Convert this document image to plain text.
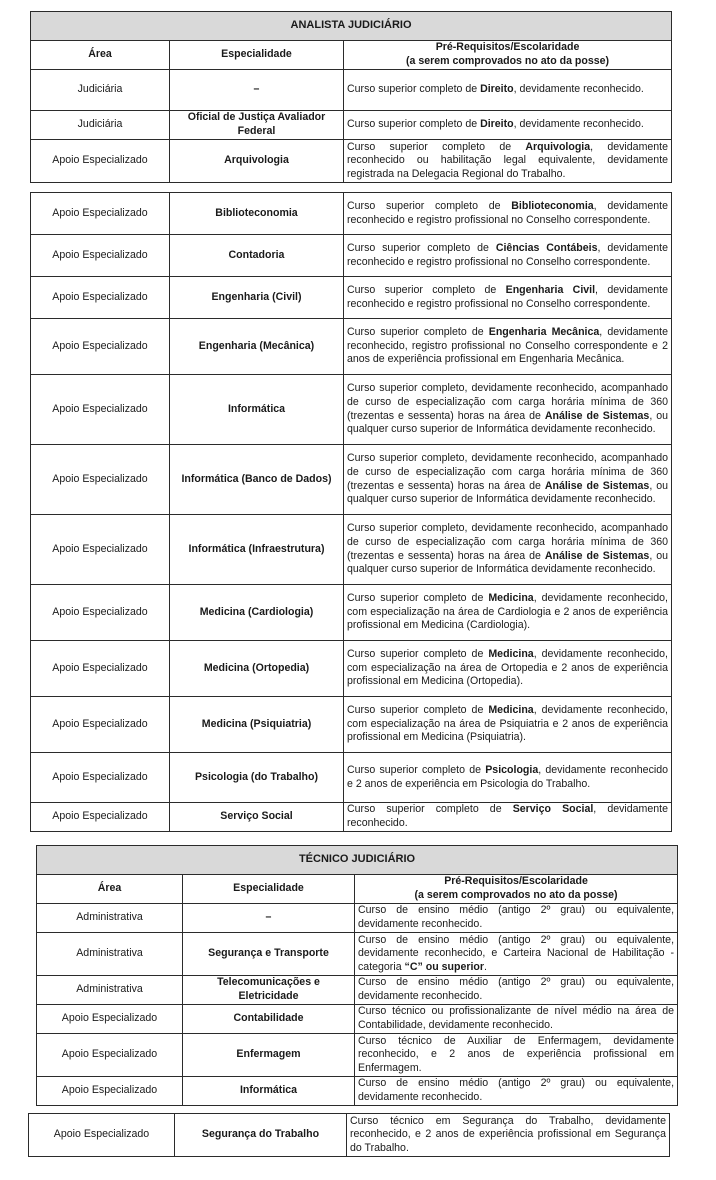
ANALISTA JUDICIÁRIO		
Área	Especialidade	Pré-Requisitos/Escolaridade
(a serem comprovados no ato da posse)
Judiciária	–	Curso superior completo de Direito, devidamente reconhecido.
Judiciária	Oficial de Justiça Avaliador Federal	Curso superior completo de Direito, devidamente reconhecido.
Apoio Especializado	Arquivologia	Curso superior completo de Arquivologia, devidamente reconhecido ou habilitação legal equivalente, devidamente registrada na Delegacia Regional do Trabalho.
Apoio Especializado	Biblioteconomia	Curso superior completo de Biblioteconomia, devidamente reconhecido e registro profissional no Conselho correspondente.
Apoio Especializado	Contadoria	Curso superior completo de Ciências Contábeis, devidamente reconhecido e registro profissional no Conselho correspondente.
Apoio Especializado	Engenharia (Civil)	Curso superior completo de Engenharia Civil, devidamente reconhecido e registro profissional no Conselho correspondente.
Apoio Especializado	Engenharia (Mecânica)	Curso superior completo de Engenharia Mecânica, devidamente reconhecido, registro profissional no Conselho correspondente e 2 anos de experiência profissional em Engenharia Mecânica.
Apoio Especializado	Informática	Curso superior completo, devidamente reconhecido, acompanhado de curso de especialização com carga horária mínima de 360 (trezentas e sessenta) horas na área de Análise de Sistemas, ou qualquer curso superior de Informática devidamente reconhecido.
Apoio Especializado	Informática (Banco de Dados)	Curso superior completo, devidamente reconhecido, acompanhado de curso de especialização com carga horária mínima de 360 (trezentas e sessenta) horas na área de Análise de Sistemas, ou qualquer curso superior de Informática devidamente reconhecido.
Apoio Especializado	Informática (Infraestrutura)	Curso superior completo, devidamente reconhecido, acompanhado de curso de especialização com carga horária mínima de 360 (trezentas e sessenta) horas na área de Análise de Sistemas, ou qualquer curso superior de Informática devidamente reconhecido.
Apoio Especializado	Medicina (Cardiologia)	Curso superior completo de Medicina, devidamente reconhecido, com especialização na área de Cardiologia e 2 anos de experiência profissional em Medicina (Cardiologia).
Apoio Especializado	Medicina (Ortopedia)	Curso superior completo de Medicina, devidamente reconhecido, com especialização na área de Ortopedia e 2 anos de experiência profissional em Medicina (Ortopedia).
Apoio Especializado	Medicina (Psiquiatria)	Curso superior completo de Medicina, devidamente reconhecido, com especialização na área de Psiquiatria e 2 anos de experiência profissional em Medicina (Psiquiatria).
Apoio Especializado	Psicologia (do Trabalho)	Curso superior completo de Psicologia, devidamente reconhecido e 2 anos de experiência em Psicologia do Trabalho.
Apoio Especializado	Serviço Social	Curso superior completo de Serviço Social, devidamente reconhecido.
TÉCNICO JUDICIÁRIO		
Área	Especialidade	Pré-Requisitos/Escolaridade
(a serem comprovados no ato da posse)
Administrativa	–	Curso de ensino médio (antigo 2º grau) ou equivalente, devidamente reconhecido.
Administrativa	Segurança e Transporte	Curso de ensino médio (antigo 2º grau) ou equivalente, devidamente reconhecido, e Carteira Nacional de Habilitação - categoria “C” ou superior.
Administrativa	Telecomunicações e Eletricidade	Curso de ensino médio (antigo 2º grau) ou equivalente, devidamente reconhecido.
Apoio Especializado	Contabilidade	Curso técnico ou profissionalizante de nível médio na área de Contabilidade, devidamente reconhecido.
Apoio Especializado	Enfermagem	Curso técnico de Auxiliar de Enfermagem, devidamente reconhecido, e 2 anos de experiência profissional em Enfermagem.
Apoio Especializado	Informática	Curso de ensino médio (antigo 2º grau) ou equivalente, devidamente reconhecido.
Apoio Especializado	Segurança do Trabalho	Curso técnico em Segurança do Trabalho, devidamente reconhecido, e 2 anos de experiência profissional em Segurança do Trabalho.
